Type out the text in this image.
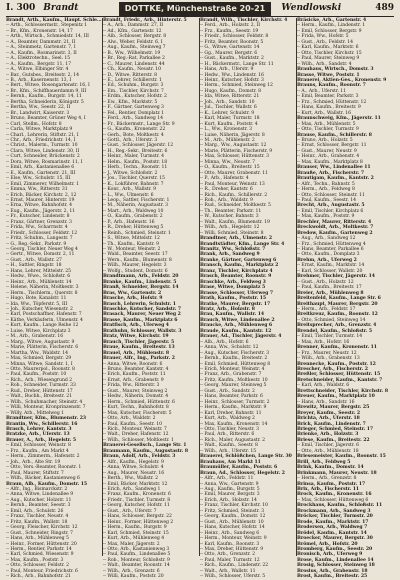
I. 300 Brandt	DOTTKE, Münchenstraße 20-21	Wendlowski	489
Brandt, Arth., Kaufm., Haupt. Schle...
-- Arth., Schlossermstr., Stepenitz 1
-- Br., Kfm., Kronenstr. 14, 17
-- Arth., Wirtsch., Schmiedstr. 14, III
-- A., Beamter, Dammstr. 21, II
-- A., Steinmetz, Gartenstr. 7, I
-- A., Kaufm., Rosmarinstr. 3, II
-- A., Elektrotechn., Seel. 15
-- A., Kaufm., Bergstr. 11, 17
-- A., Witwe, Elbinger Str. 4
-- Bar., Gutsbes., Breitestr. 2, 14
-- B., Arb., Kasernenstr. 13, I
-- Bert., Witwe, Rosengartenstr. 16, I
-- Br., Kfm., Schiffbauerdamm 9, III
-- Bernh., Kaufm., Burgstr. 14, 11
-- Bertha, Schneiderin, Königstr. 5
-- Bertha, Ww., Seestr. 22, II
-- Br., Landwirt, Kaiserstr. 3
-- Bruno, Beamter, Grüner Weg 4, I
-- Carl, Stellm., Hofstr. 8
-- Carla, Witwe, Marktplatz 9
-- Charl., Lehrerin, Stiftstr. 21, I
-- Chr., Arb., Friedrichstr. 14, I
-- Christ., Malerm., Turmstr. 10
-- Clara, Witwe, Lindenstr. 30, II
-- Curt, Schneider, Brückenstr. 2
-- Dora, Witwe, Rosmarinstr. 11, I
-- Emil, Arb., Kastanienallee 6
-- E., Kaufm., Gartenstr. 21, III
-- Else, Ww., Schulstr. 15, III
-- Emil, Zimmerer, Wilhelmstr. 1
-- Emma, Ww., Ritterstr. 31
-- Erich, Bäcker, Kirchstr. 2, 12
-- Ernst, Maurer, Hinterstr. 19
-- Erna, Witwe, Bahnhofstr. 4
-- Eug., Kaufm., Jägerstr. 2, 11
-- Fr., Kutscher, Lindenstr. 8
-- Franz, Gärtner, Grenzstr. 3
-- Frida, Ww., Scharrnstr. 4
-- Friedr., Schlosser, Feldstr. 12
-- Fritz, Schuhm., Langestr. 7
-- G., Reg.-Sekr., Parkstr. 9
-- Georg, Tischler, Neuer Weg 4
-- Gertr., Witwe, Domstr. 2, 11
-- Gust., Arb., Wallstr. 27
-- H., Sattler, Ringstr. 18
-- Hans, Lehrer, Mittelstr. 25
-- Hedw., Wwe., Schloßstr. 6
-- Heinr., Arb., Mühlenstr. 14
-- Helene, Näherin, Moltkestr. 3
-- Herm., Tischlerm., Querstr. 8
-- Hugo, Bote, Kanalstr. 11
-- Ida, Ww., Töpferstr. 5, III
-- Joh., Kutscher, Wiesenstr. 2
-- Karl, Postschaffner, Hafenstr. 7
-- Käthe, Verkäuferin, Ulmenstr. 4
-- Kurt, Kaufm., Lange Reihe 12
-- Luise, Witwe, Kirchplatz 3
-- M., Arb., Grabenstr. 16
-- Marg., Witwe, Augustastr. 9
-- Marie, Plätterin, Fischerstr. 6
-- Martha, Ww., Waldstr. 14
-- Max, Schmied, Bergstr. 29
-- Minna, Witwe, Sandstr. 1, I
-- Otto, Maurerpol., Roonstr. 8
-- Paul, Kaufm., Poststr. 10
-- Rich., Arb., Wiesengrund 2
-- Rob., Schneider, Turmstr. 33
-- Rud., Dreher, Hüttenstr. 17
-- Walt., Buchh., Breitestr. 21
-- Wilh., Schuhmacher, Steinstr. 4
-- Willi, Monteur, Kronprinzenstr. 7
-- Willy, Arb., Mittelweg 1
Brandtner, Kfm., Blumenstr. 23
Brantin, Ww., Schillerstr. 16
Brasch, Lehrer, Kantstr. 3
Bratzke, Arb., Uferstr. 13
Brauer, A., Arb., Hegelstr. 5
-- Emil, Schlosser, Weinstr. 8
-- Frz., Kaufm., Am Markt 4
-- Herm., Zimmerm., Hafenstr. 2
-- Joh., Arb., Alte Str. 19
-- Otto, Vers.-Beamter, Roonstr. 1
-- Paul, Maurer, Stiftstr. 7
-- Wilh., Bäcker, Kastanienweg 6
Braun, Alb., Kaufm., Domstr. 15
-- Alfr., Ing., Bismarckstr. 2
-- Anna, Witwe, Lindenallee 9
-- Aug., Kutscher, Holzstr. 11
-- Bernh., Beamter, Seestr. 3
-- Emil, Arb., Schulstr. 26
-- Franz, Tischler, Neustr. 4
-- Fritz, Kaufm., Wallstr. 18
-- Georg, Fleischer, Kirchstr. 12
-- Gust., Schneider, Ringstr. 7
-- Hans, Arb., Mühlenweg 5
-- Heinr., Former, Hüttenstr. 20
-- Herm., Rentier, Parkstr. 14
-- Karl, Schmied, Wiesenstr. 9
-- Max, Kaufm., Poststr. 3
-- Otto, Schlosser, Feldstr. 2
-- Paul, Monteur, Friedrichstr. 6
-- Rich., Arb., Bahnhofstr. 21
Brandt, Friedr., Arb., Hinterstr. 5
-- A., Arb., Dammstr. 27, II
-- Ad., Kfm., Gartenstr. 12
-- Alb., Schlosser, Bergstr. 8
-- Alw., Weber, Feldstr. 6, I
-- Aug., Kaufm., Steinweg 7
-- B., Ww., Wilhelmstr. 19
-- Br., Reg.-Rat, Parkallee 2
-- C., Maurer, Lindenstr. 44
-- Ch., Kaufm., Neustr. 10
-- D., Witwe, Ritterstr. 8
-- E., Lehrer, Schillerstr. 1
-- Ed., Schuhm., Burgstr. 3
-- Em., Tischler, Kirchstr. 7
-- Erdm., Kutscher, Hofstr. 2
-- Ew., Kfm., Marktstr. 5
-- F., Gärtner, Gartenweg 3
-- Fel., Rentier, Domplatz 1
-- Ferd., Arb., Sandweg 14
-- Fr., Bäckermstr., Lange Str. 9
-- G., Kaufm., Kronenstr. 22
-- Gerh., Bote, Moltkestr. 4
-- Gottl., Arb., Uferstr. 3
-- Gust., Schlosser, Jägerstr. 12
-- H., Reg.-Sekr., Breitestr. 6
-- Heinr., Maler, Turmstr. 4
-- Helm., Kaufm., Poststr. 18
-- Herb., Techn., Roonstr. 11
-- J., Witwe, Schloßstr. 2
-- Jos., Tischler, Querstr. 15
-- K., Lokführer, Bahnstr. 7
-- Konr., Arb., Wallstr. 9
-- L., Ww., Ulmenstr. 6
-- Leop., Sattler, Fischerstr. 1
-- M., Näherin, Augustastr. 3
-- Mart., Arb., Waldweg 10
-- O., Kaufm., Grabenstr. 2
-- P., Arb., Hafenstr. 16
-- R., Dreher, Hüttenweg 5
-- Reinh., Schmied, Steinstr. 1
-- S., Witwe, Mittelstr. 12
-- Th., Kaufm., Kantstr. 9
-- W., Monteur, Weinstr. 2
-- Wald., Beamter, Seestr. 17
-- Wern., Kaufm., Blumenstr. 8
-- Wilh., Maurer, Hegelstr. 3
-- Wolfg., Student, Domstr. 6
Brandtmann, Arb., Feldstr. 20
Branke, Kaufm., Lindenstr. 5
Branß, Schneider, Bergstr. 14
Bras, Ww., Gartenstr. 2
Brasche, Arb., Hofstr. 9
Brasch, Lehrerin, Schulstr. 1
Braschke, Kutscher, Sandstr. 7
Brasack, Maurer, Neuer Weg 2
Brasse, Kaufm., Marktplatz 6
Bratfisch, Arb., Uferweg 4
Brathuhn, Schlosser, Wallstr. 3
Bratz, Witwe, Kirchstr. 19
Brauch, Tischler, Jägerstr. 5
Braue, Kaufm., Breitestr. 13
Brauel, Arb., Mühlenstr. 8
Brauer, Alfr., Ing., Parkstr. 2
-- Anna, Witwe, Roonstr. 6
-- Bruno, Beamter, Kantstr. 4
-- Erich, Kaufm., Poststr. 11
-- Ernst, Arb., Grabenstr. 9
-- Frida, Ww., Ritterstr. 3
-- Gust., Maurer, Steinweg 2
-- Hedw., Näherin, Domstr. 4
-- Herm., Schmied, Hüttenstr. 6
-- Kurt, Techn., Bahnhofstr. 8
-- Max, Kutscher, Fischerstr. 5
-- Otto, Arb., Waldstr. 2
-- Paul, Kaufm., Seestr. 10
-- Rich., Monteur, Weinstr. 7
-- Walt., Dreher, Hafenstr. 12
-- Wilh., Schlosser, Moltkestr. 1
Brauerei-Gesellsch., Lange Str. 1
Braumann, Kaufm., Augustastr. 8
Braun, Adolf, Arb., Feldstr. 3
-- Alfr., Kaufm., Hegelstr. 9
-- Anna, Witwe, Schulstr. 4
-- Aug., Maurer, Neustr. 16
-- Berth., Ww., Wallstr. 2
-- Emil, Bäcker, Marktstr. 12
-- Erich, Arb., Sandweg 1
-- Franz, Kaufm., Kronenstr. 6
-- Friedr., Tischler, Turmstr. 8
-- Georg, Kutscher, Hofstr. 11
-- Gust., Arb., Uferstr. 7
-- Hans, Schlosser, Bergstr. 22
-- Heinr., Former, Hüttenweg 2
-- Herm., Kaufm., Burgstr. 9
-- Karl, Schmied, Steinstr. 15
-- Kurt, Arb., Mühlenweg 4
-- Max, Maler, Jägerstr. 2
-- Otto, Arb., Kastanienweg 3
-- Paul, Kaufm., Lindenallee 5
-- Rob., Monteur, Schloßstr. 9
-- Walt., Beamter, Roonstr. 14
-- Wilh., Arb., Grenzstr. 6
-- Willi, Kaufm., Poststr. 20
Brandt, Wilh., Tischler, Kirchstr. 4
-- Ferd., Arb., Holzstr. 2, II
-- Frz., Kaufm., Seestr. 19
-- Friedr., Schlosser, Feldstr. 8
-- Fritz, Beamter, Roonstr. 5
-- G., Witwe, Gartenstr. 14
-- Gg., Maurer, Bergstr. 6
-- Gust., Kaufm., Marktstr. 2
-- H., Bäckermstr., Lange Str. 11
-- Hans, Arb., Uferstr. 9
-- Hedw., Ww., Lindenstr. 16
-- Heinr., Kutscher, Hofstr. 3
-- Herm., Schmied, Steinweg 12
-- Hugo, Kaufm., Domstr. 8
-- Ida, Witwe, Ritterstr. 21
-- Joh., Arb., Sandstr. 10
-- Jul., Tischler, Wallstr. 6
-- K., Lehrer, Schulstr. 9
-- Karl, Maler, Turmstr. 18
-- Kurt, Kaufm., Poststr. 4
-- L., Ww., Kronenstr. 3
-- Luise, Näherin, Jägerstr. 8
-- M., Arb., Mühlenstr. 2
-- Marg., Ww., Augustastr. 12
-- Marie, Plätterin, Fischerstr. 9
-- Max, Schlosser, Hüttenstr. 3
-- Minna, Ww., Neustr. 7
-- O., Kaufm., Breitestr. 15
-- Otto, Maurer, Grabenstr. 11
-- P., Arb., Hafenstr. 4
-- Paul, Monteur, Weinstr. 13
-- R., Dreher, Kantstr. 6
-- Rich., Kaufm., Schillerstr. 2
-- Rob., Arb., Waldstr. 9
-- Rud., Schneider, Moltkestr. 5
-- Th., Beamter, Parkstr. 11
-- W., Kutscher, Bahnstr. 3
-- Walt., Kaufm., Blumenstr. 19
-- Wilh., Arb., Hegelstr. 12
-- Willi, Schmied, Steinstr. 8
Brandtner, Arb., Ulmenstr. 2
Brandtstädter, Kfm., Lange Str. 4
Branitz, Ww., Schloßstr. 7
Brank, Arb., Sandweg 9
Branke, Gärtner, Gartenweg 6
Bransch, Kaufm., Marktplatz 2
Branz, Tischler, Kirchplatz 4
Brasch, Beamter, Roonstr. 9
Braschke, Arb., Feldweg 3
Brase, Witwe, Domplatz 5
Brasse, Schlosser, Uferweg 7
Brath, Kaufm., Poststr. 15
Bratke, Maurer, Bergstr. 17
Bratz, Arb., Holzstr. 8
Brau, Kaufm., Wallstr. 14
Brauch, Witwe, Lindenallee 2
Braucke, Arb., Mühlenweg 6
Braude, Kaufm., Kantstr. 12
Brauer, Ad., Tischler, Jägerstr. 4
-- Alb., Arb., Hofstr. 6
-- Anna, Ww., Schulstr. 12
-- Aug., Kutscher, Fischerstr. 3
-- Bernh., Kaufm., Breitestr. 2
-- Emil, Schmied, Hüttenweg 8
-- Erich, Monteur, Weinstr. 4
-- Franz, Arb., Grabenstr. 7
-- Fritz, Kaufm., Moltkestr. 10
-- Georg, Maurer, Steinweg 5
-- Gust., Arb., Sandstr. 2
-- Hans, Beamter, Parkstr. 6
-- Heinr., Schlosser, Turmstr. 2
-- Herm., Kaufm., Marktstr. 9
-- Karl, Dreher, Bahnstr. 11
-- Kurt, Arb., Waldweg 2
-- Max, Kaufm., Kronenstr. 14
-- Otto, Tischler, Neustr. 3
-- Paul, Arb., Ritterstr. 6
-- Rich., Maler, Augustastr. 2
-- Walt., Kaufm., Seestr. 8
-- Wilh., Arb., Uferstr. 15
Brauerei, Schlößchen, Lange Str. 30
Brauhaus, Am Markt 11
Braumüller, Kaufm., Poststr. 6
Braun, Ad., Schlosser, Hegelstr. 2
-- Alfr., Arb., Feldstr. 11
-- Anna, Ww., Gartenstr. 9
-- Aug., Kaufm., Burgstr. 5
-- Emil, Maurer, Bergstr. 3
-- Erich, Arb., Holzstr. 14
-- Franz, Tischler, Kirchstr. 10
-- Fritz, Schmied, Steinstr. 3
-- Georg, Kaufm., Domstr. 12
-- Gust., Arb., Mühlenstr. 10
-- Hans, Kutscher, Hofstr. 14
-- Heinr., Arb., Sandweg 6
-- Herm., Monteur, Weinstr. 9
-- Karl, Kaufm., Roonstr. 3
-- Max, Dreher, Hüttenstr. 9
-- Otto, Arb., Grenzstr. 2
-- Paul, Maler, Turmstr. 12
-- Rich., Kaufm., Lindenstr. 22
-- Walt., Arb., Wallstr. 11
-- Wilh., Schlosser, Uferstr. 5
Bräsicke, Arb., Gartenstr. 4
-- Herm., Kaufm., Lindenstr. 1
-- Emil, Schlosser, Bergstr. 9
-- Frida, Ww., Hofstr. 5
-- Gust., Arb., Feldstr. 14
-- Karl, Kaufm., Marktstr. 6
-- Otto, Tischler, Kirchstr. 15
-- Paul, Maurer, Steinweg 9
-- Wilh., Arb., Sandstr. 4
Brauhaus, Wirtsch., Domstr. 3
Brasse, Witwe, Poststr. 1
Brauerei, Aktien-Ges., Kronenstr. 9
Brauns, Kaufm., Roonstr. 7
-- A., Arb., Uferstr. 11
-- Emil, Beamter, Parkstr. 3
-- Frz., Schmied, Hüttenstr. 12
-- Hans, Kaufm., Breitestr. 9
-- Kurt, Arb., Wallstr. 16
Braunschweig, Kfm., Jägerstr. 11
-- Max, Arb., Mühlenstr. 5
-- Otto, Tischler, Turmstr. 9
Brause, Kaufm., Schillerstr. 8
-- Bruno, Arb., Holzstr. 5
-- Ernst, Schlosser, Bergstr. 11
-- Gust., Maurer, Neustr. 9
-- Heinr., Arb., Grabenstr. 4
-- Max, Kaufm., Marktplatz 8
Brauser, Ww., Lindenallee 11
Brauße, Arb., Fischerstr. 7
Brautigam, Kaufm., Kantstr. 2
-- Alfr., Techn., Bahnstr. 5
-- Herm., Arb., Feldweg 8
-- Otto, Schlosser, Steinstr. 11
-- Paul, Kaufm., Seestr. 14
Brecht, Arb., Augustastr. 5
-- Emil, Tischler, Kirchplatz 6
-- Max, Kaufm., Poststr. 9
Brechler, Maurer, Ritterstr. 4
Breckwoldt, Arb., Moltkestr. 7
Bredow, Kaufm., Gartenweg 2
-- Aug., Arb., Sandweg 12
-- Frz., Schmied, Hüttenweg 4
-- Hans, Beamter, Parkallee 6
-- Otto, Kaufm., Domplatz 3
Brehm, Arb., Uferweg 2
-- Ernst, Kaufm., Marktstr. 14
-- Karl, Schlosser, Wallstr. 20
Brehmer, Tischler, Jägerstr. 14
-- Gust., Arb., Holzstr. 12
-- Paul, Kaufm., Breitestr. 17
Breier, Arb., Mühlenweg 8
Breitenfeld, Kaufm., Lange Str. 6
Breithaupt, Maurer, Bergstr. 20
-- Herm., Arb., Feldstr. 17
Breitkreuz, Kaufm., Roonstr. 12
-- Otto, Schmied, Steinweg 14
Breitsprecher, Arb., Grenzstr. 4
Brendel, Kaufm., Schloßstr. 5
-- Emil, Tischler, Turmstr. 14
-- Max, Arb., Hofstr. 16
Brenner, Kaufm., Kronenstr. 11
-- Frz., Maurer, Neustr. 12
-- Wilh., Arb., Grabenstr. 13
Brennecke, Kaufm., Poststr. 12
Brescher, Arb., Fischerstr. 2
Breßler, Schlosser, Hüttenstr. 15
Bretschneider, Kaufm., Kantstr. 7
-- Karl, Arb., Waldstr. 6
Brettschneider, Tischler, Kirchstr. 8
Breuer, Kaufm., Marktplatz 10
-- Hans, Arb., Sandstr. 16
Brewitz, Maurer, Bergstr. 25
Breyer, Kaufm., Seestr. 2
Brichta, Arb., Uferstr. 18
Brick, Kaufm., Lindenstr. 7
Brieger, Schmied, Steinstr. 17
Brienke, Arb., Holzstr. 3
Briese, Kaufm., Breitestr. 22
-- Emil, Tischler, Jägerstr. 6
-- Otto, Arb., Mühlenstr. 18
Briesemeister, Kaufm., Roonstr. 15
Brill, Arb., Feldweg 5
Brink, Kaufm., Domstr. 14
Brinkmann, Maurer, Neustr. 18
-- Herm., Arb., Grenzstr. 8
Brinsa, Kaufm., Poststr. 17
Brix, Arb., Fischerstr. 11
Brock, Kaufm., Kronenstr. 16
-- Max, Schlosser, Hüttenweg 6
Brockhaus, Kaufm., Schloßstr. 11
Brockmann, Arb., Sandweg 3
Bröcker, Tischler, Turmstr. 20
Brode, Kaufm., Marktstr. 17
Brodersen, Arb., Waldweg 7
Brödel, Kaufm., Kantstr. 14
Broecker, Maurer, Bergstr. 30
Brömel, Arb., Hofstr. 20
Bromberg, Kaufm., Seestr. 20
Bronisch, Arb., Uferweg 9
Brose, Kaufm., Lindenallee 14
Brosig, Schlosser, Steinweg 18
Brosius, Arb., Grabenstr. 18
Brost, Kaufm., Breitestr. 25
